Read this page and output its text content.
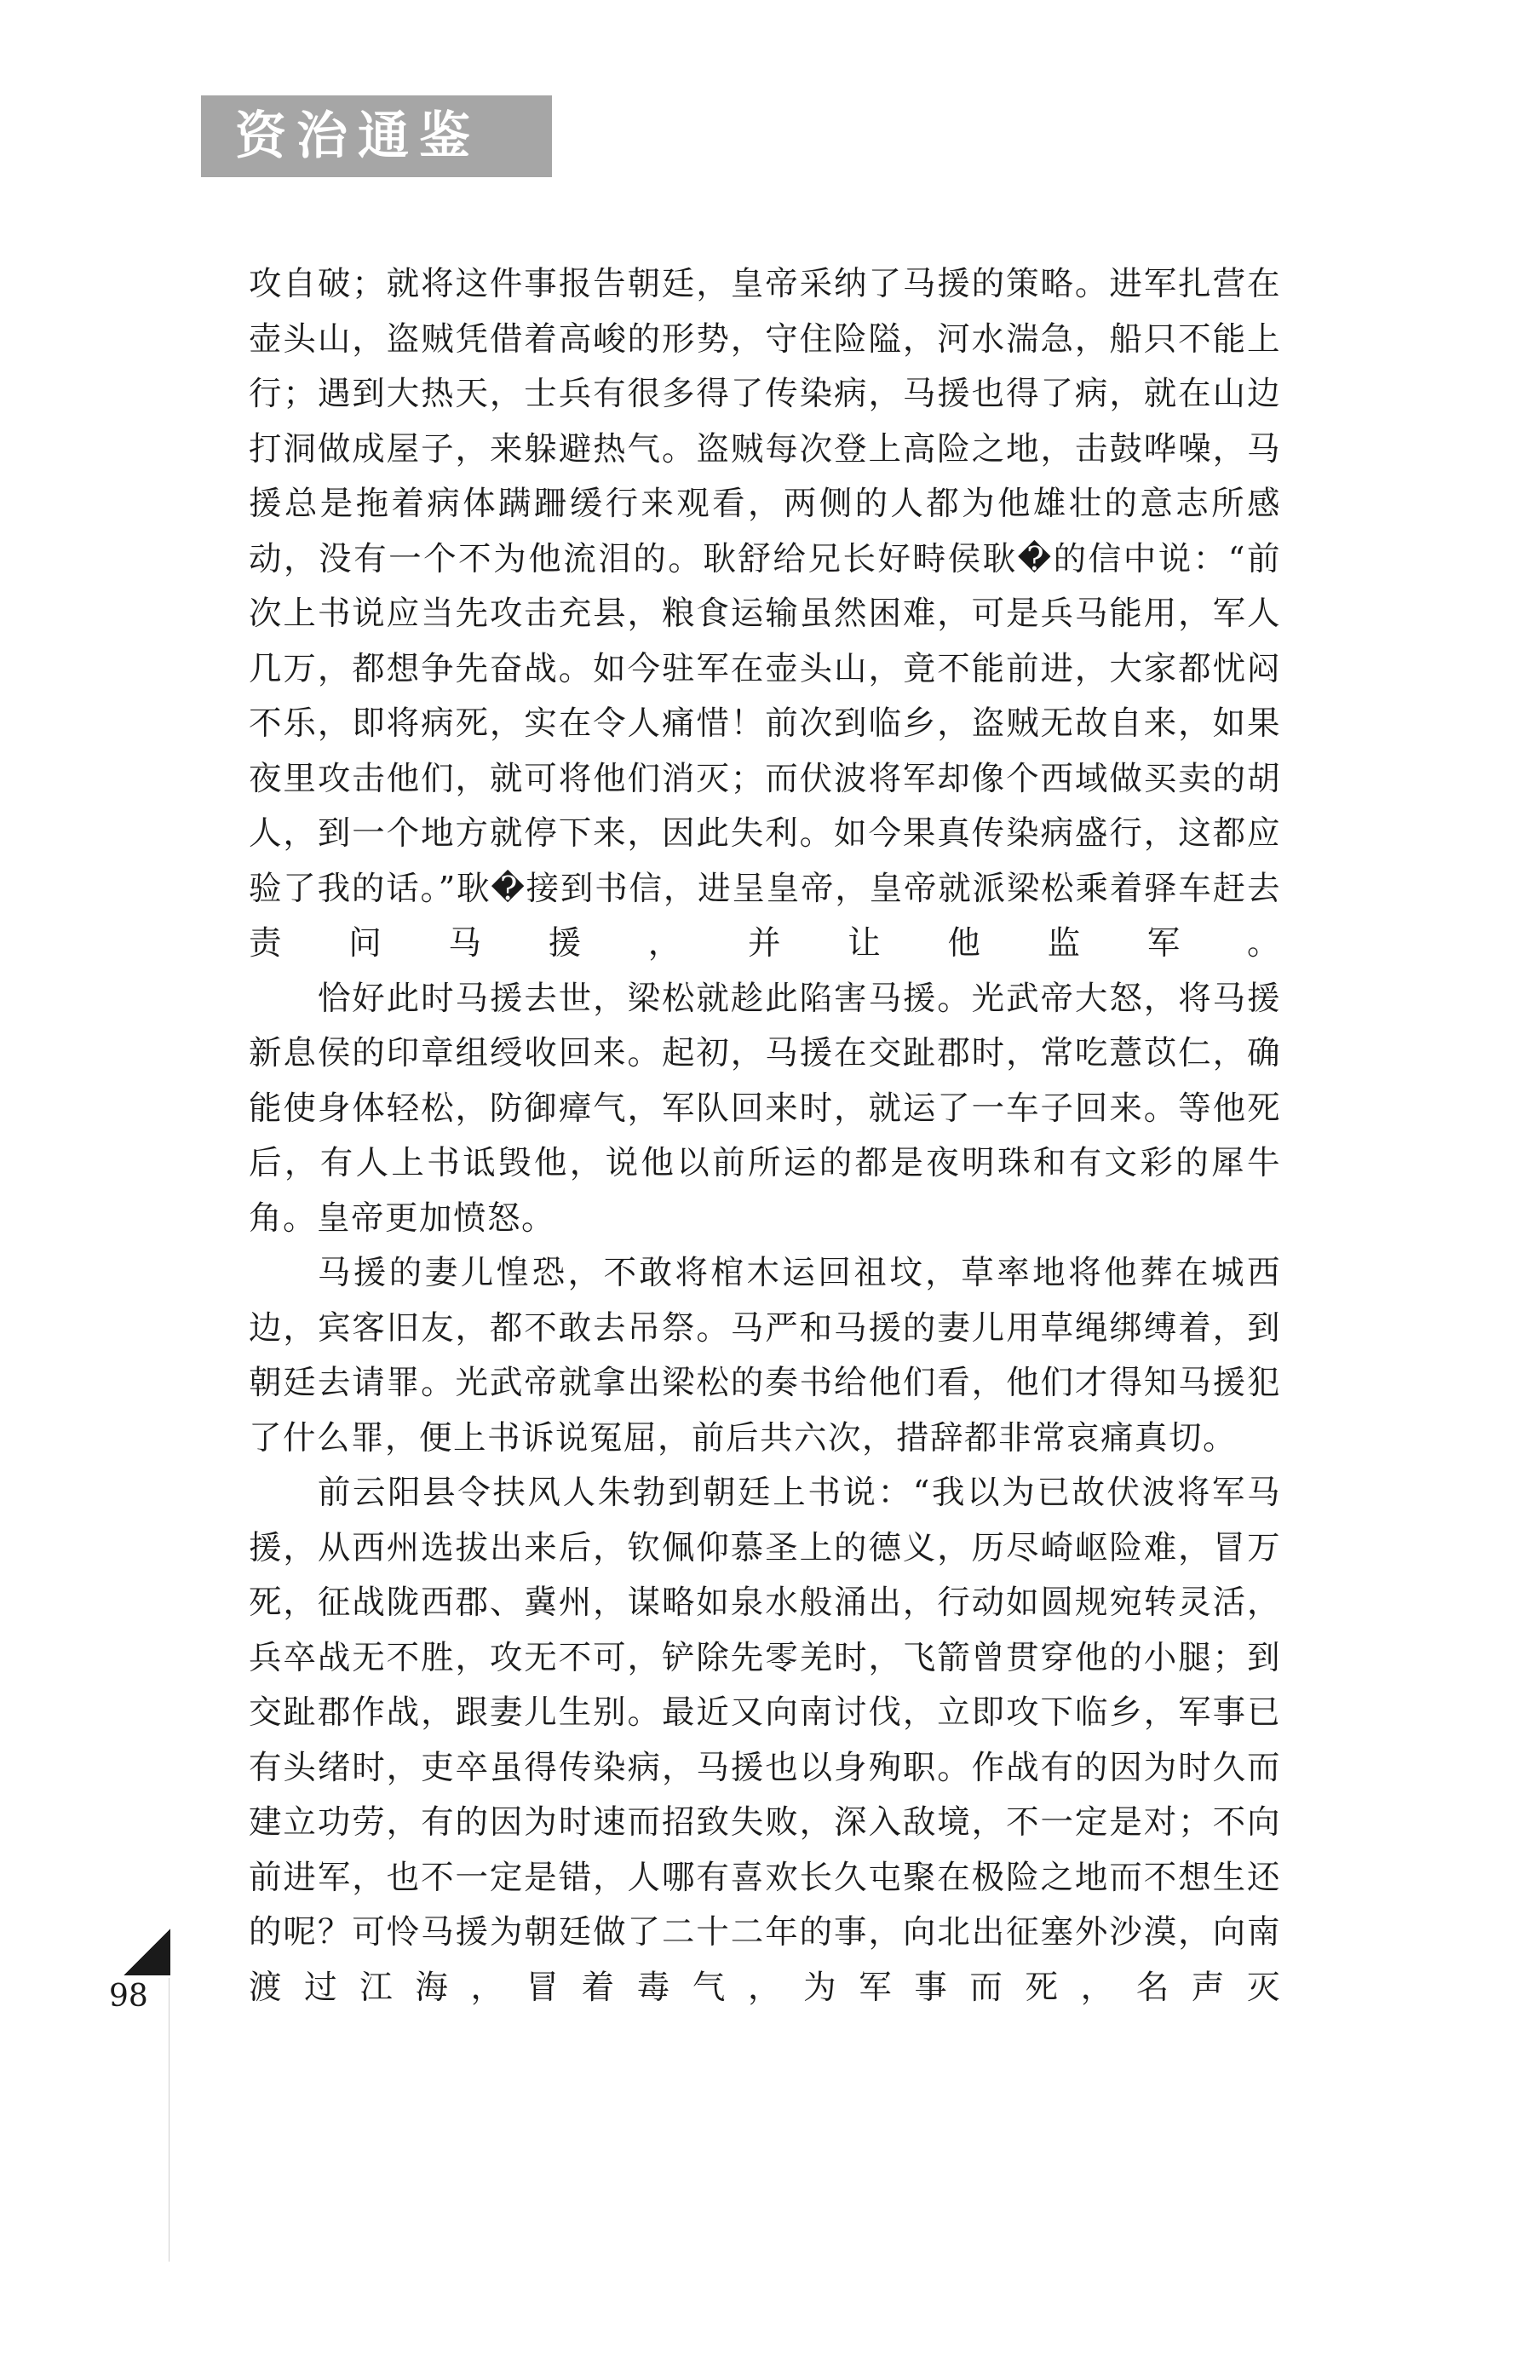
资治通鉴

攻自破；就将这件事报告朝廷，皇帝采纳了马援的策略。进军扎营在壶头山，盗贼凭借着高峻的形势，守住险隘，河水湍急，船只不能上行；遇到大热天，士兵有很多得了传染病，马援也得了病，就在山边打洞做成屋子，来躲避热气。盗贼每次登上高险之地，击鼓哗噪，马援总是拖着病体蹒跚缓行来观看，两侧的人都为他雄壮的意志所感动，没有一个不为他流泪的。耿舒给兄长好畤侯耿�的信中说：“前次上书说应当先攻击充县，粮食运输虽然困难，可是兵马能用，军人几万，都想争先奋战。如今驻军在壶头山，竟不能前进，大家都忧闷不乐，即将病死，实在令人痛惜！前次到临乡，盗贼无故自来，如果夜里攻击他们，就可将他们消灭；而伏波将军却像个西域做买卖的胡人，到一个地方就停下来，因此失利。如今果真传染病盛行，这都应验了我的话。”耿�接到书信，进呈皇帝，皇帝就派梁松乘着驿车赶去责问马援，并让他监军。

恰好此时马援去世，梁松就趁此陷害马援。光武帝大怒，将马援新息侯的印章组绶收回来。起初，马援在交趾郡时，常吃薏苡仁，确能使身体轻松，防御瘴气，军队回来时，就运了一车子回来。等他死后，有人上书诋毁他，说他以前所运的都是夜明珠和有文彩的犀牛角。皇帝更加愤怒。

马援的妻儿惶恐，不敢将棺木运回祖坟，草率地将他葬在城西边，宾客旧友，都不敢去吊祭。马严和马援的妻儿用草绳绑缚着，到朝廷去请罪。光武帝就拿出梁松的奏书给他们看，他们才得知马援犯了什么罪，便上书诉说冤屈，前后共六次，措辞都非常哀痛真切。

前云阳县令扶风人朱勃到朝廷上书说：“我以为已故伏波将军马援，从西州选拔出来后，钦佩仰慕圣上的德义，历尽崎岖险难，冒万死，征战陇西郡、冀州，谋略如泉水般涌出，行动如圆规宛转灵活，兵卒战无不胜，攻无不可，铲除先零羌时，飞箭曾贯穿他的小腿；到交趾郡作战，跟妻儿生别。最近又向南讨伐，立即攻下临乡，军事已有头绪时，吏卒虽得传染病，马援也以身殉职。作战有的因为时久而建立功劳，有的因为时速而招致失败，深入敌境，不一定是对；不向前进军，也不一定是错，人哪有喜欢长久屯聚在极险之地而不想生还的呢？可怜马援为朝廷做了二十二年的事，向北出征塞外沙漠，向南渡过江海，冒着毒气，为军事而死，名声灭

98
